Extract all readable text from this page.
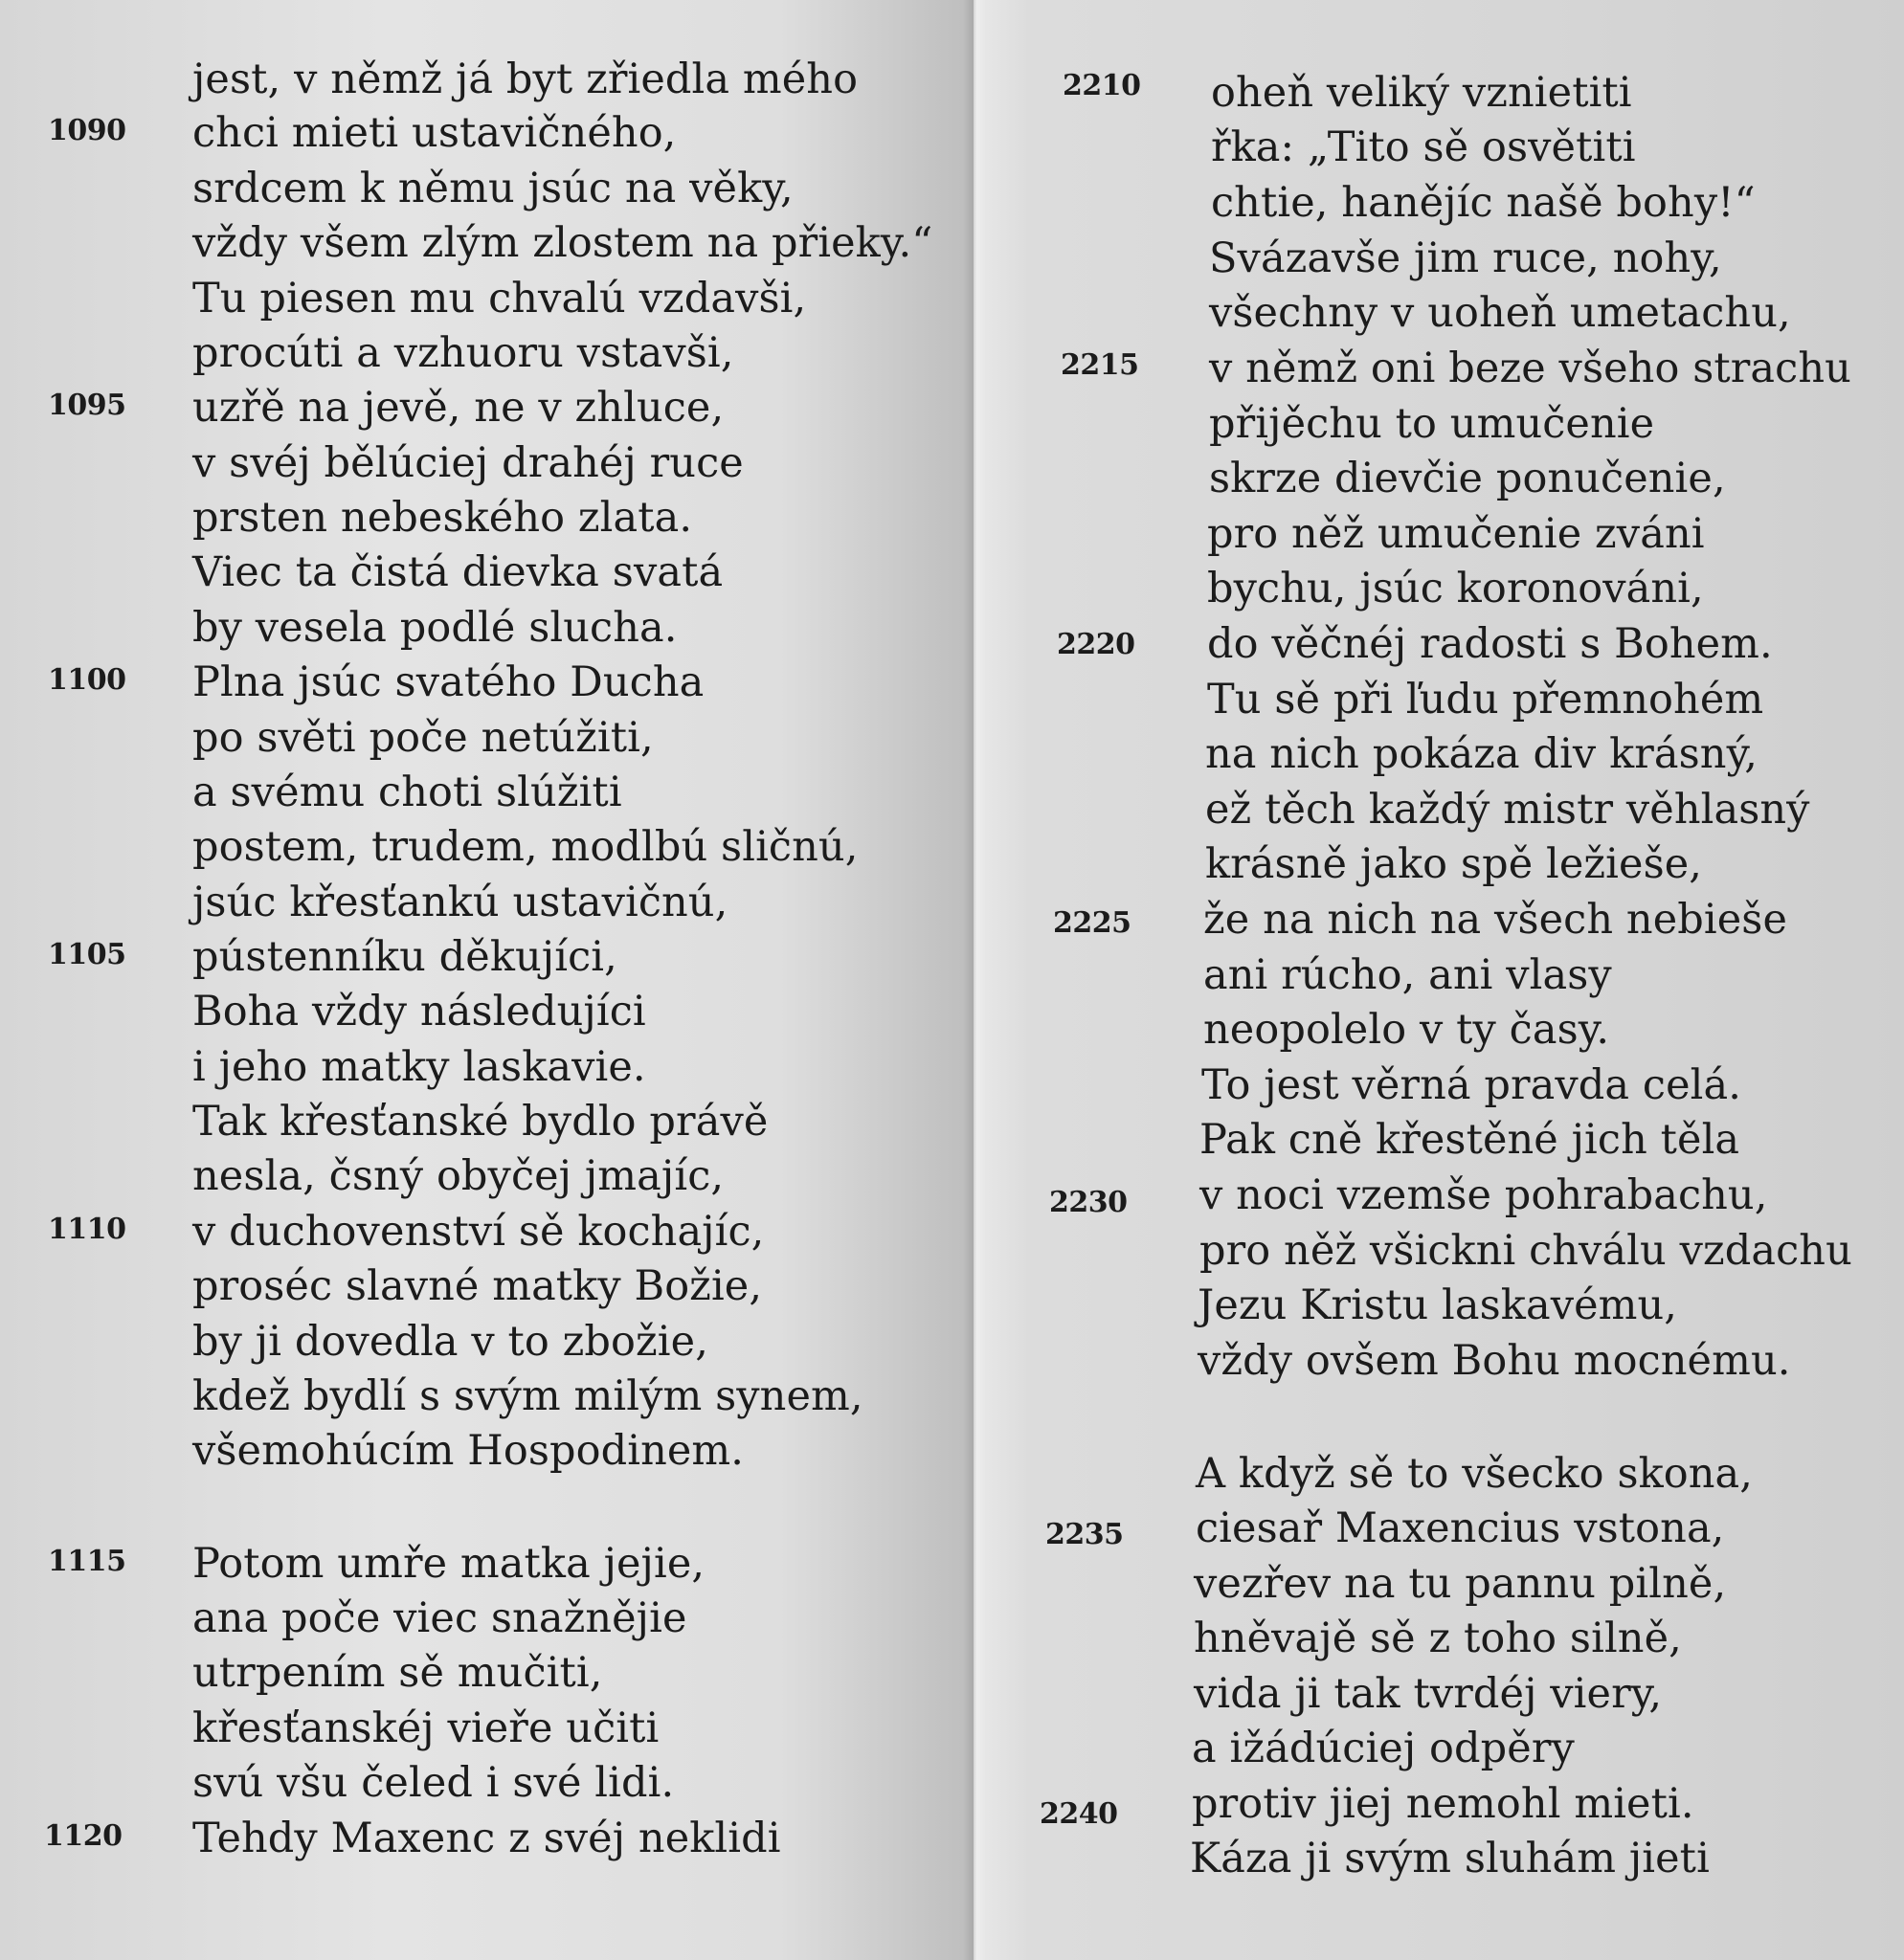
jest, v němž já byt zřiedla mého
chci mieti ustavičného,
srdcem k němu jsúc na věky,
vždy všem zlým zlostem na přieky.“
Tu piesen mu chvalú vzdavši,
procúti a vzhuoru vstavši,
uzřě na jevě, ne v zhluce,
v svéj bělúciej drahéj ruce
prsten nebeského zlata.
Viec ta čistá dievka svatá
by vesela podlé slucha.
Plna jsúc svatého Ducha
po světi poče netúžiti,
a svému choti slúžiti
postem, trudem, modlbú sličnú,
jsúc křesťankú ustavičnú,
pústenníku děkujíci,
Boha vždy následujíci
i jeho matky laskavie.
Tak křesťanské bydlo právě
nesla, čsný obyčej jmajíc,
v duchovenství sě kochajíc,
proséc slavné matky Božie,
by ji dovedla v to zbožie,
kdež bydlí s svým milým synem,
všemohúcím Hospodinem.
Potom umře matka jejie,
ana poče viec snažnějie
utrpením sě mučiti,
křesťanskéj vieře učiti
svú všu čeled i své lidi.
Tehdy Maxenc z svéj neklidi
1090
1095
1100
1105
1110
1115
1120
oheň veliký vznietiti
řka: „Tito sě osvětiti
chtie, hanějíc našě bohy!“
Svázavše jim ruce, nohy,
všechny v uoheň umetachu,
v němž oni beze všeho strachu
přijěchu to umučenie
skrze dievčie ponučenie,
pro něž umučenie zváni
bychu, jsúc koronováni,
do věčnéj radosti s Bohem.
Tu sě při ľudu přemnohém
na nich pokáza div krásný,
ež těch každý mistr věhlasný
krásně jako spě ležieše,
že na nich na všech nebieše
ani rúcho, ani vlasy
neopolelo v ty časy.
To jest věrná pravda celá.
Pak cně křestěné jich těla
v noci vzemše pohrabachu,
pro něž všickni chválu vzdachu
Jezu Kristu laskavému,
vždy ovšem Bohu mocnému.
A když sě to všecko skona,
ciesař Maxencius vstona,
vezřev na tu pannu pilně,
hněvajě sě z toho silně,
vida ji tak tvrdéj viery,
a ižádúciej odpěry
protiv jiej nemohl mieti.
Káza ji svým sluhám jieti
2210
2215
2220
2225
2230
2235
2240
